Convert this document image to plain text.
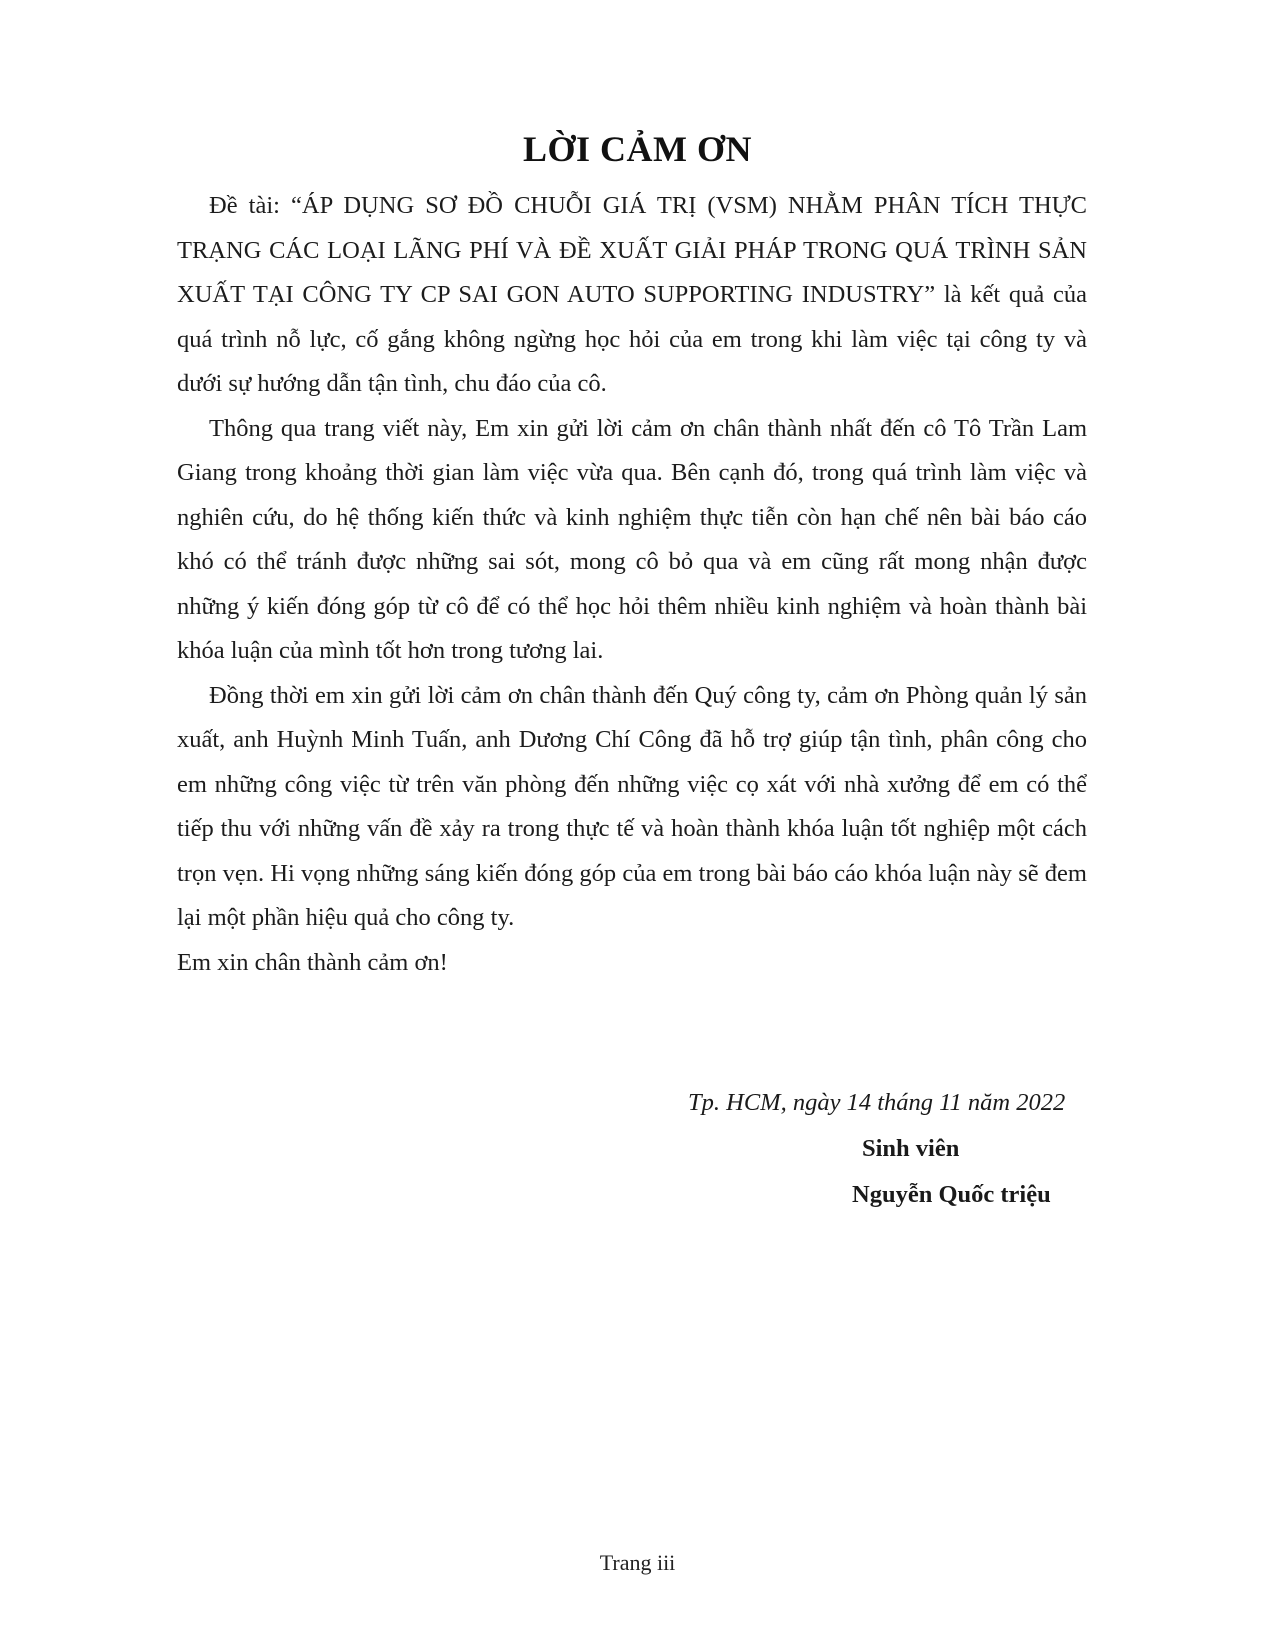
LỜI CẢM ƠN

Đề tài: “ÁP DỤNG SƠ ĐỒ CHUỖI GIÁ TRỊ (VSM) NHẰM PHÂN TÍCH THỰC TRẠNG CÁC LOẠI LÃNG PHÍ VÀ ĐỀ XUẤT GIẢI PHÁP TRONG QUÁ TRÌNH SẢN XUẤT TẠI CÔNG TY CP SAI GON AUTO SUPPORTING INDUSTRY” là kết quả của quá trình nỗ lực, cố gắng không ngừng học hỏi của em trong khi làm việc tại công ty và dưới sự hướng dẫn tận tình, chu đáo của cô.

Thông qua trang viết này, Em xin gửi lời cảm ơn chân thành nhất đến cô Tô Trần Lam Giang trong khoảng thời gian làm việc vừa qua. Bên cạnh đó, trong quá trình làm việc và nghiên cứu, do hệ thống kiến thức và kinh nghiệm thực tiễn còn hạn chế nên bài báo cáo khó có thể tránh được những sai sót, mong cô bỏ qua và em cũng rất mong nhận được những ý kiến đóng góp từ cô để có thể học hỏi thêm nhiều kinh nghiệm và hoàn thành bài khóa luận của mình tốt hơn trong tương lai.

Đồng thời em xin gửi lời cảm ơn chân thành đến Quý công ty, cảm ơn Phòng quản lý sản xuất, anh Huỳnh Minh Tuấn, anh Dương Chí Công đã hỗ trợ giúp tận tình, phân công cho em những công việc từ trên văn phòng đến những việc cọ xát với nhà xưởng để em có thể tiếp thu với những vấn đề xảy ra trong thực tế và hoàn thành khóa luận tốt nghiệp một cách trọn vẹn. Hi vọng những sáng kiến đóng góp của em trong bài báo cáo khóa luận này sẽ đem lại một phần hiệu quả cho công ty.

Em xin chân thành cảm ơn!

Tp. HCM, ngày 14 tháng 11 năm 2022
Sinh viên
Nguyễn Quốc triệu
Trang iii
